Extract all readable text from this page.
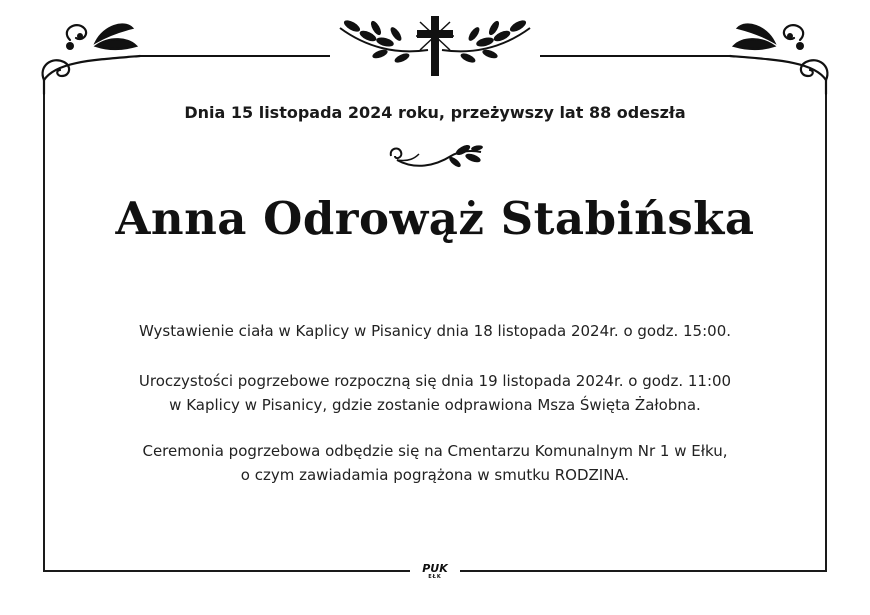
Dnia 15 listopada 2024 roku, przeżywszy lat 88 odeszła
Anna Odrowąż Stabińska
Wystawienie ciała w Kaplicy w Pisanicy dnia 18 listopada 2024r. o godz. 15:00.
Uroczystości pogrzebowe rozpoczną się dnia 19 listopada 2024r. o godz. 11:00
w Kaplicy w Pisanicy, gdzie zostanie odprawiona Msza Święta Żałobna.
Ceremonia pogrzebowa odbędzie się na Cmentarzu Komunalnym Nr 1 w Ełku,
o czym zawiadamia pogrążona w smutku RODZINA.
PUK
EŁK
